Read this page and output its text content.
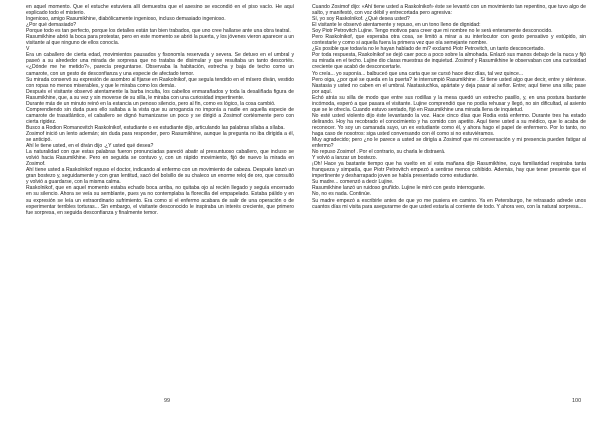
en aquel momento. Que el estuche estuviera allí demuestra que el asesino se escondió en el piso vacío. He aquí explicado todo el misterio.

Ingenioso, amigo Rasumikhine, diabólicamente ingenioso, incluso demasiado ingenioso.

¿Por qué demasiado?

Porque todo es tan perfecto, porque los detalles están tan bien trabados, que uno cree hallarse ante una obra teatral.

Rasumikhine abrió la boca para protestar, pero en este momento se abrió la puerta, y los jóvenes vieron aparecer a un visitante al que ninguno de ellos conocía.

V

Era un caballero de cierta edad, movimientos pausados y fisonomía reservada y severa. Se detuvo en el umbral y paseó a su alrededor una mirada de sorpresa que no trataba de disimular y que resultaba un tanto descortés. «¿Dónde me he metido?», parecía preguntarse. Observaba la habitación, estrecha y baja de techo como un camarote, con un gesto de desconfianza y una especie de afectado temor.

Su mirada conservó su expresión de asombro al fijarse en Raskolnikof, que seguía tendido en el mísero diván, vestido con ropas no menos miserables, y que le miraba como los demás.

Después el visitante observó atentamente la barba inculta, los cabellos enmarañados y toda la desaliñada figura de Rasumikhine, que, a su vez y sin moverse de su silla, le miraba con una curiosidad impertinente.

Durante más de un minuto reinó en la estancia un penoso silencio, pero al fin, como es lógico, la cosa cambió.

Comprendiendo sin duda pues ello saltaba a la vista que su arrogancia no imponía a nadie en aquella especie de camarote de trasatlántico, el caballero se dignó humanizarse un poco y se dirigió a Zosimof cortésmente pero con cierta rigidez.

Busco a Rodion Romanovitch Raskolnikof, estudiante o ex estudiante dijo, articulando las palabras sílaba a sílaba.

Zosimof inició un lento ademán; sin duda para responder, pero Rasumikhine, aunque la pregunta no iba dirigida a él, se anticipó.

Ahí le tiene usted, en el diván dijo .¿Y usted qué desea?

La naturalidad con que estas palabras fueron pronunciadas pareció abatir al presuntuoso caballero, que incluso se volvió hacia Rasumikhine. Pero en seguida se contuvo y, con un rápido movimiento, fijó de nuevo la mirada en Zosimof.

Ahí tiene usted a Raskolnikof repuso el doctor, indicando al enfermo con un movimiento de cabeza. Después lanzó un gran bostezo y, seguidamente y con gran lentitud, sacó del bolsillo de su chaleco un enorme reloj de oro, que consultó y volvió a guardarse, con la misma calma.

Raskolnikof, que en aquel momento estaba echado boca arriba, no quitaba ojo al recién llegado y seguía encerrado en su silencio. Ahora se veía su semblante, pues ya no contemplaba la florecilla del empapelado. Estaba pálido y en su expresión se leía un extraordinario sufrimiento. Era como si el enfermo acabara de salir de una operación o de experimentar terribles torturas... Sin embargo, el visitante desconocido le inspiraba un interés creciente, que primero fue sorpresa, en seguida desconfianza y finalmente temor.

99

Cuando Zosimof dijo: «Ahí tiene usted a Raskolnikof» éste se levantó con un movimiento tan repentino, que tuvo algo de salto, y manifestó, con voz débil y entrecortada pero agresiva:

Sí, yo soy Raskolnikof. ¿Qué desea usted?

El visitante le observó atentamente y repuso, en un tono lleno de dignidad:

Soy Piotr Petrovitch Lujine. Tengo motivos para creer que mi nombre no le será enteramente desconocido.

Pero Raskolnikof, que esperaba otra cosa, se limitó a mirar a su interlocutor con gesto pensativo y estúpido, sin contestarle y como si aquella fuera la primera vez que oía semejante nombre.

¿Es posible que todavía no le hayan hablado de mí? exclamó Piotr Petrovitch, un tanto desconcertado.

Por toda respuesta, Raskolnikof se dejó caer poco a poco sobre la almohada. Enlazó sus manos debajo de la nuca y fijó su mirada en el techo. Lujine dio claras muestras de inquietud. Zosimof y Rasumikhine le observaban con una curiosidad creciente que acabó de desconcertarle.

Yo creía... yo suponía... balbuceó que una carta que se cursó hace diez días, tal vez quince...

Pero oiga, ¿por qué se queda en la puerta? le interrumpió Rasumikhine . Si tiene usted algo que decir, entre y siéntese. Nastasia y usted no caben en el umbral. Nastasiuchka, apártate y deja pasar al señor. Entre; aquí tiene una silla; pase por aquí.

Echó atrás su silla de modo que entre sus rodillas y la mesa quedó un estrecho pasillo, y, en una postura bastante incómoda, esperó a que pasara el visitante. Lujine comprendió que no podía rehusar y llegó, no sin dificultad, al asiento que se le ofrecía. Cuando estuvo sentado, fijó en Rasumikhine una mirada llena de inquietud.

No esté usted violento dijo éste levantando la voz. Hace cinco días que Rodia está enfermo. Durante tres ha estado delirando. Hoy ha recobrado el conocimiento y ha comido con apetito. Aquí tiene usted a su médico, que lo acaba de reconocer. Yo soy un camarada suyo, un ex estudiante como él, y ahora hago el papel de enfermero. Por lo tanto, no haga caso de nosotros: siga usted conversando con él como si no estuviéramos.

Muy agradecido; pero ¿no le parece a usted se dirigía a Zosimof que mi conversación y mi presencia pueden fatigar al enfermo?

No repuso Zosimof . Por el contrario, su charla le distraerá.

Y volvió a lanzar un bostezo.

¡Oh! Hace ya bastante tiempo que ha vuelto en sí esta mañana dijo Rasumikhine, cuya familiaridad respiraba tanta franqueza y simpatía, que Piotr Petrovitch empezó a sentirse menos cohibido. Además, hay que tener presente que el impertinente y desharrapado joven se había presentado como estudiante.

Su madre... comenzó a decir Lujine.

Rasumikhine lanzó un ruidoso gruñido. Lujine le miró con gesto interrogante.

No, no es nada. Continúe.

Su madre empezó a escribirle antes de que yo me pusiera en camino. Ya en Petersburgo, he retrasado adrede unos cuantos días mi visita para asegurarme de que usted estaría al corriente de todo. Y ahora veo, con la natural sorpresa...

100
